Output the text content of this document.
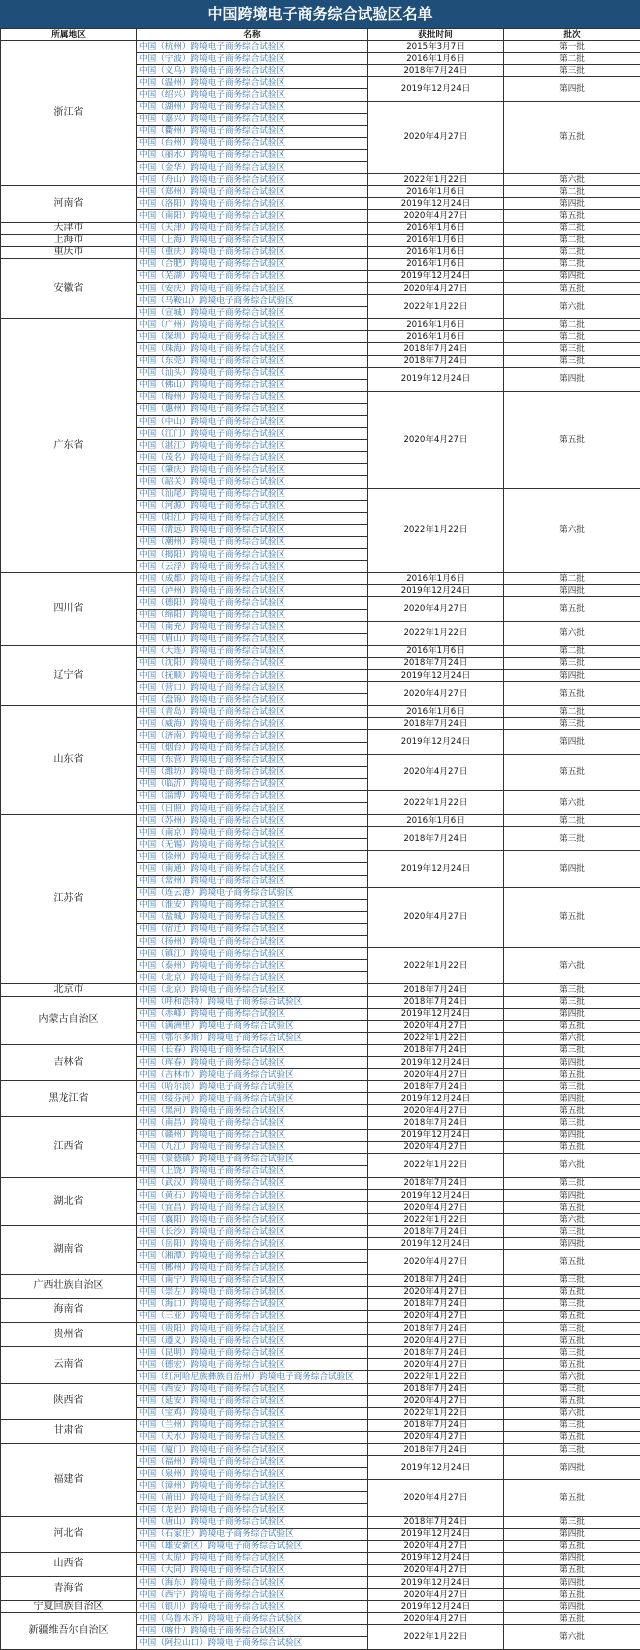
中国跨境电子商务综合试验区名单
所属地区	名称	获批时间	批次
浙江省	中国（杭州）跨境电子商务综合试验区	2015年3月7日	第一批
	中国（宁波）跨境电子商务综合试验区	2016年1月6日	第二批
	中国（义乌）跨境电子商务综合试验区	2018年7月24日	第三批
	中国（温州）跨境电子商务综合试验区	2019年12月24日	第四批
	中国（绍兴）跨境电子商务综合试验区		
	中国（湖州）跨境电子商务综合试验区	2020年4月27日	第五批
	中国（嘉兴）跨境电子商务综合试验区		
	中国（衢州）跨境电子商务综合试验区		
	中国（台州）跨境电子商务综合试验区		
	中国（丽水）跨境电子商务综合试验区		
	中国（金华）跨境电子商务综合试验区		
	中国（舟山）跨境电子商务综合试验区	2022年1月22日	第六批
河南省	中国（郑州）跨境电子商务综合试验区	2016年1月6日	第二批
	中国（洛阳）跨境电子商务综合试验区	2019年12月24日	第四批
	中国（南阳）跨境电子商务综合试验区	2020年4月27日	第五批
天津市	中国（天津）跨境电子商务综合试验区	2016年1月6日	第二批
上海市	中国（上海）跨境电子商务综合试验区	2016年1月6日	第二批
重庆市	中国（重庆）跨境电子商务综合试验区	2016年1月6日	第二批
安徽省	中国（合肥）跨境电子商务综合试验区	2016年1月6日	第二批
	中国（芜湖）跨境电子商务综合试验区	2019年12月24日	第四批
	中国（安庆）跨境电子商务综合试验区	2020年4月27日	第五批
	中国（马鞍山）跨境电子商务综合试验区	2022年1月22日	第六批
	中国（宣城）跨境电子商务综合试验区		
广东省	中国（广州）跨境电子商务综合试验区	2016年1月6日	第二批
	中国（深圳）跨境电子商务综合试验区	2016年1月6日	第二批
	中国（珠海）跨境电子商务综合试验区	2018年7月24日	第三批
	中国（东莞）跨境电子商务综合试验区	2018年7月24日	第三批
	中国（汕头）跨境电子商务综合试验区	2019年12月24日	第四批
	中国（佛山）跨境电子商务综合试验区		
	中国（梅州）跨境电子商务综合试验区	2020年4月27日	第五批
	中国（惠州）跨境电子商务综合试验区		
	中国（中山）跨境电子商务综合试验区		
	中国（江门）跨境电子商务综合试验区		
	中国（湛江）跨境电子商务综合试验区		
	中国（茂名）跨境电子商务综合试验区		
	中国（肇庆）跨境电子商务综合试验区		
	中国（韶关）跨境电子商务综合试验区		
	中国（汕尾）跨境电子商务综合试验区	2022年1月22日	第六批
	中国（河源）跨境电子商务综合试验区		
	中国（阳江）跨境电子商务综合试验区		
	中国（清远）跨境电子商务综合试验区		
	中国（潮州）跨境电子商务综合试验区		
	中国（揭阳）跨境电子商务综合试验区		
	中国（云浮）跨境电子商务综合试验区		
四川省	中国（成都）跨境电子商务综合试验区	2016年1月6日	第二批
	中国（泸州）跨境电子商务综合试验区	2019年12月24日	第四批
	中国（德阳）跨境电子商务综合试验区	2020年4月27日	第五批
	中国（绵阳）跨境电子商务综合试验区		
	中国（南充）跨境电子商务综合试验区	2022年1月22日	第六批
	中国（眉山）跨境电子商务综合试验区		
辽宁省	中国（大连）跨境电子商务综合试验区	2016年1月6日	第二批
	中国（沈阳）跨境电子商务综合试验区	2018年7月24日	第三批
	中国（抚顺）跨境电子商务综合试验区	2019年12月24日	第四批
	中国（营口）跨境电子商务综合试验区	2020年4月27日	第五批
	中国（盘锦）跨境电子商务综合试验区		
山东省	中国（青岛）跨境电子商务综合试验区	2016年1月6日	第二批
	中国（威海）跨境电子商务综合试验区	2018年7月24日	第三批
	中国（济南）跨境电子商务综合试验区	2019年12月24日	第四批
	中国（烟台）跨境电子商务综合试验区		
	中国（东营）跨境电子商务综合试验区	2020年4月27日	第五批
	中国（潍坊）跨境电子商务综合试验区		
	中国（临沂）跨境电子商务综合试验区		
	中国（淄博）跨境电子商务综合试验区	2022年1月22日	第六批
	中国（日照）跨境电子商务综合试验区		
江苏省	中国（苏州）跨境电子商务综合试验区	2016年1月6日	第二批
	中国（南京）跨境电子商务综合试验区	2018年7月24日	第三批
	中国（无锡）跨境电子商务综合试验区		
	中国（徐州）跨境电子商务综合试验区	2019年12月24日	第四批
	中国（南通）跨境电子商务综合试验区		
	中国（常州）跨境电子商务综合试验区		
	中国（连云港）跨境电子商务综合试验区	2020年4月27日	第五批
	中国（淮安）跨境电子商务综合试验区		
	中国（盐城）跨境电子商务综合试验区		
	中国（宿迁）跨境电子商务综合试验区		
	中国（扬州）跨境电子商务综合试验区		
	中国（镇江）跨境电子商务综合试验区	2022年1月22日	第六批
	中国（泰州）跨境电子商务综合试验区		
	中国（北京）跨境电子商务综合试验区		
北京市	中国（北京）跨境电子商务综合试验区	2018年7月24日	第三批
内蒙古自治区	中国（呼和浩特）跨境电子商务综合试验区	2018年7月24日	第三批
	中国（赤峰）跨境电子商务综合试验区	2019年12月24日	第四批
	中国（满洲里）跨境电子商务综合试验区	2020年4月27日	第五批
	中国（鄂尔多斯）跨境电子商务综合试验区	2022年1月22日	第六批
吉林省	中国（长春）跨境电子商务综合试验区	2018年7月24日	第三批
	中国（珲春）跨境电子商务综合试验区	2019年12月24日	第四批
	中国（吉林市）跨境电子商务综合试验区	2020年4月27日	第五批
黑龙江省	中国（哈尔滨）跨境电子商务综合试验区	2018年7月24日	第三批
	中国（绥芬河）跨境电子商务综合试验区	2019年12月24日	第四批
	中国（黑河）跨境电子商务综合试验区	2020年4月27日	第五批
江西省	中国（南昌）跨境电子商务综合试验区	2018年7月24日	第三批
	中国（赣州）跨境电子商务综合试验区	2019年12月24日	第四批
	中国（九江）跨境电子商务综合试验区	2020年4月27日	第五批
	中国（景德镇）跨境电子商务综合试验区	2022年1月22日	第六批
	中国（上饶）跨境电子商务综合试验区		
湖北省	中国（武汉）跨境电子商务综合试验区	2018年7月24日	第三批
	中国（黄石）跨境电子商务综合试验区	2019年12月24日	第四批
	中国（宜昌）跨境电子商务综合试验区	2020年4月27日	第五批
	中国（襄阳）跨境电子商务综合试验区	2022年1月22日	第六批
湖南省	中国（长沙）跨境电子商务综合试验区	2018年7月24日	第三批
	中国（岳阳）跨境电子商务综合试验区	2019年12月24日	第四批
	中国（湘潭）跨境电子商务综合试验区	2020年4月27日	第五批
	中国（郴州）跨境电子商务综合试验区		
广西壮族自治区	中国（南宁）跨境电子商务综合试验区	2018年7月24日	第三批
	中国（崇左）跨境电子商务综合试验区	2020年4月27日	第五批
海南省	中国（海口）跨境电子商务综合试验区	2018年7月24日	第三批
	中国（三亚）跨境电子商务综合试验区	2020年4月27日	第五批
贵州省	中国（贵阳）跨境电子商务综合试验区	2018年7月24日	第三批
	中国（遵义）跨境电子商务综合试验区	2020年4月27日	第五批
云南省	中国（昆明）跨境电子商务综合试验区	2018年7月24日	第三批
	中国（德宏）跨境电子商务综合试验区	2020年4月27日	第五批
	中国（红河哈尼族彝族自治州）跨境电子商务综合试验区	2022年1月22日	第六批
陕西省	中国（西安）跨境电子商务综合试验区	2018年7月24日	第三批
	中国（延安）跨境电子商务综合试验区	2020年4月27日	第五批
	中国（宝鸡）跨境电子商务综合试验区	2022年1月22日	第六批
甘肃省	中国（兰州）跨境电子商务综合试验区	2018年7月24日	第三批
	中国（天水）跨境电子商务综合试验区	2020年4月27日	第五批
福建省	中国（厦门）跨境电子商务综合试验区	2018年7月24日	第三批
	中国（福州）跨境电子商务综合试验区	2019年12月24日	第四批
	中国（泉州）跨境电子商务综合试验区		
	中国（漳州）跨境电子商务综合试验区	2020年4月27日	第五批
	中国（莆田）跨境电子商务综合试验区		
	中国（龙岩）跨境电子商务综合试验区		
河北省	中国（唐山）跨境电子商务综合试验区	2018年7月24日	第三批
	中国（石家庄）跨境电子商务综合试验区	2019年12月24日	第四批
	中国（雄安新区）跨境电子商务综合试验区	2020年4月27日	第五批
山西省	中国（太原）跨境电子商务综合试验区	2019年12月24日	第四批
	中国（大同）跨境电子商务综合试验区	2020年4月27日	第五批
青海省	中国（海东）跨境电子商务综合试验区	2019年12月24日	第四批
	中国（西宁）跨境电子商务综合试验区	2020年4月27日	第五批
宁夏回族自治区	中国（银川）跨境电子商务综合试验区	2019年12月24日	第四批
新疆维吾尔自治区	中国（乌鲁木齐）跨境电子商务综合试验区	2020年4月27日	第五批
	中国（喀什）跨境电子商务综合试验区	2022年1月22日	第六批
	中国（阿拉山口）跨境电子商务综合试验区		
